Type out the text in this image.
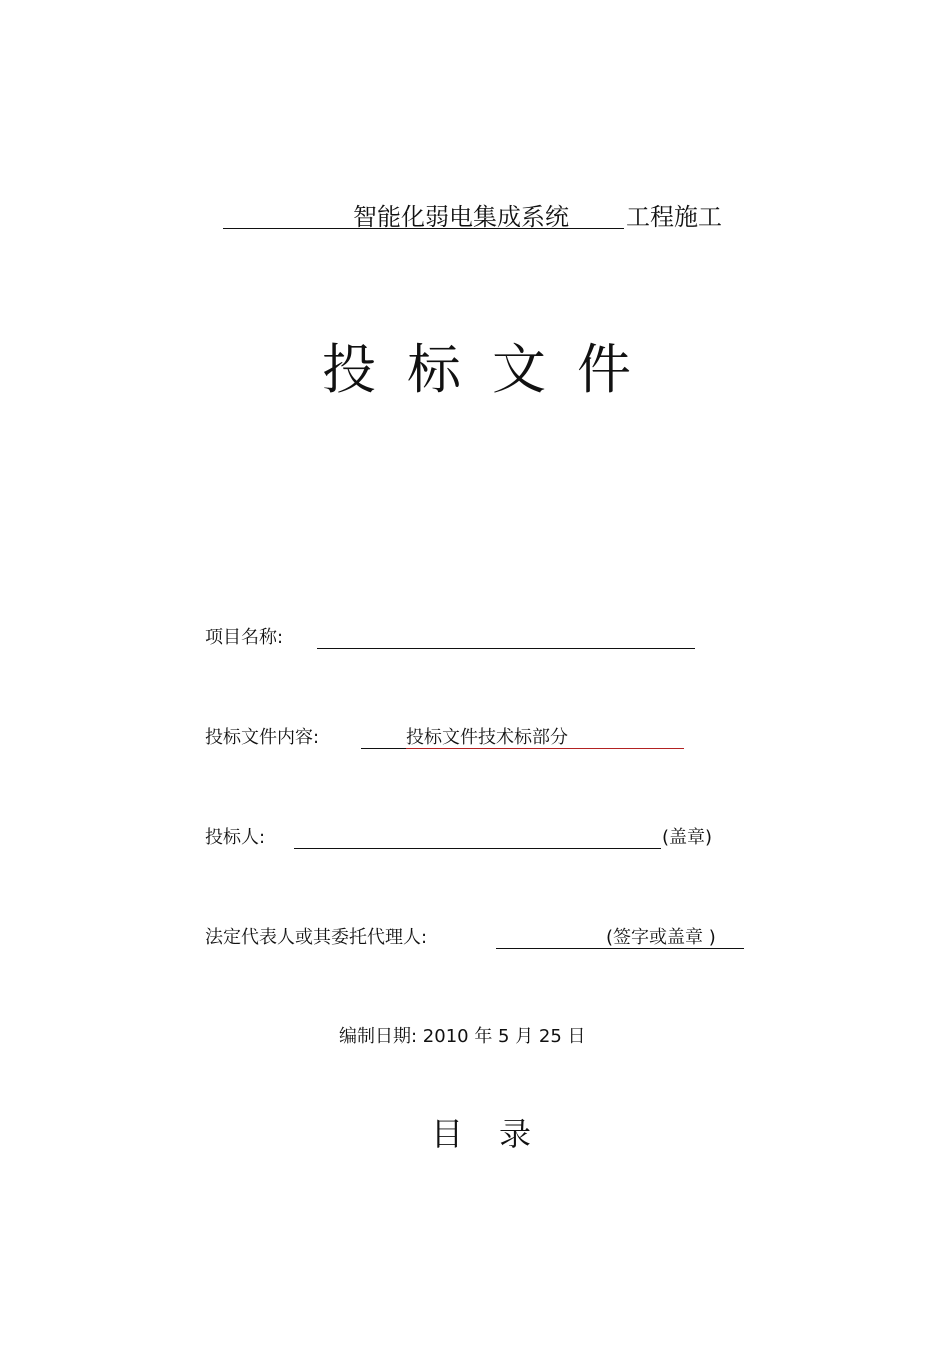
智能化弱电集成系统 工程施工
投标文件
项目名称:
投标文件内容:	投标文件技术标部分
投标人:	(盖章)
法定代表人或其委托代理人:	(签字或盖章 )
编制日期: 2010 年 5 月 25 日
目录
